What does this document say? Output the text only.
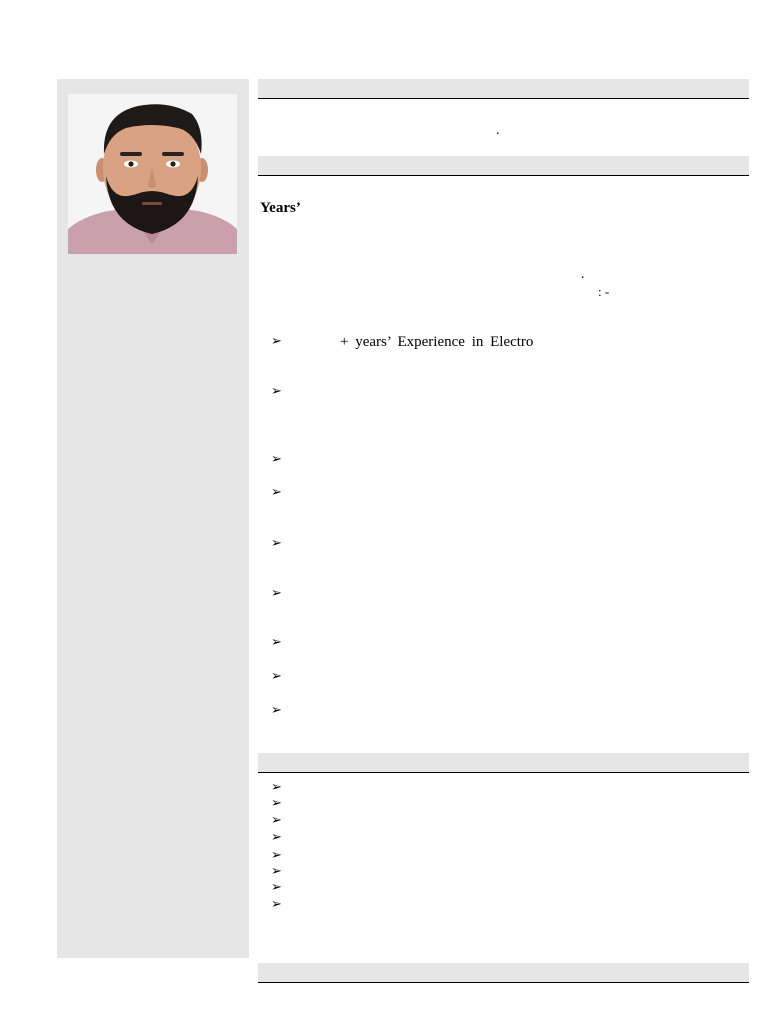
.
Years’
.
: -
➢	+ years’ Experience in Electro
➢
➢
➢
➢
➢
➢
➢
➢
➢
➢
➢
➢
➢
➢
➢
➢
